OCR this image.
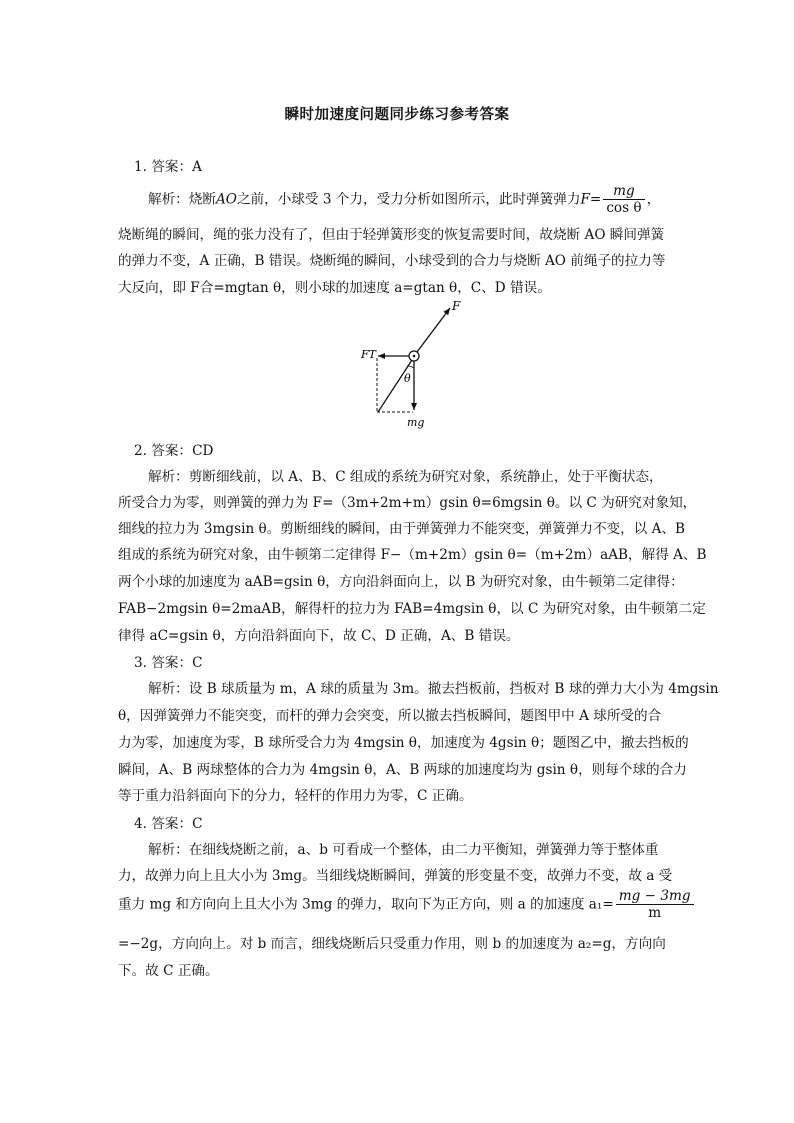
瞬时加速度问题同步练习参考答案
1. 答案：A
解析：烧断AO之前，小球受 3 个力，受力分析如图所示，此时弹簧弹力$F= \frac{mg}{\text{cos θ}}$ ，
烧断绳的瞬间，绳的张力没有了，但由于轻弹簧形变的恢复需要时间，故烧断 AO 瞬间弹簧
的弹力不变，A 正确，B 错误。烧断绳的瞬间，小球受到的合力与烧断 AO 前绳子的拉力等
大反向，即 F合=mgtan θ，则小球的加速度 a=gtan θ，C、D 错误。
F
FT
θ
mg
2. 答案：CD
解析：剪断细线前，以 A、B、C 组成的系统为研究对象，系统静止，处于平衡状态，
所受合力为零，则弹簧的弹力为 F=（3m+2m+m）gsin θ=6mgsin θ。以 C 为研究对象知，
细线的拉力为 3mgsin θ。剪断细线的瞬间，由于弹簧弹力不能突变，弹簧弹力不变，以 A、B
组成的系统为研究对象，由牛顿第二定律得 F−（m+2m）gsin θ=（m+2m）aAB，解得 A、B
两个小球的加速度为 aAB=gsin θ，方向沿斜面向上，以 B 为研究对象，由牛顿第二定律得：
FAB−2mgsin θ=2maAB，解得杆的拉力为 FAB=4mgsin θ，以 C 为研究对象，由牛顿第二定
律得 aC=gsin θ，方向沿斜面向下，故 C、D 正确，A、B 错误。
3. 答案：C
解析：设 B 球质量为 m，A 球的质量为 3m。撤去挡板前，挡板对 B 球的弹力大小为 4mgsin
θ，因弹簧弹力不能突变，而杆的弹力会突变，所以撤去挡板瞬间，题图甲中 A 球所受的合
力为零，加速度为零，B 球所受合力为 4mgsin θ，加速度为 4gsin θ；题图乙中，撤去挡板的
瞬间，A、B 两球整体的合力为 4mgsin θ，A、B 两球的加速度均为 gsin θ，则每个球的合力
等于重力沿斜面向下的分力，轻杆的作用力为零，C 正确。
4. 答案：C
解析：在细线烧断之前，a、b 可看成一个整体，由二力平衡知，弹簧弹力等于整体重
力，故弹力向上且大小为 3mg。当细线烧断瞬间，弹簧的形变量不变，故弹力不变，故 a 受
重力 mg 和方向向上且大小为 3mg 的弹力，取向下为正方向，则 a 的加速度 $a_1= \frac{mg - 3mg}{m}$
=−2g，方向向上。对 b 而言，细线烧断后只受重力作用，则 b 的加速度为 a₂=g，方向向
下。故 C 正确。
